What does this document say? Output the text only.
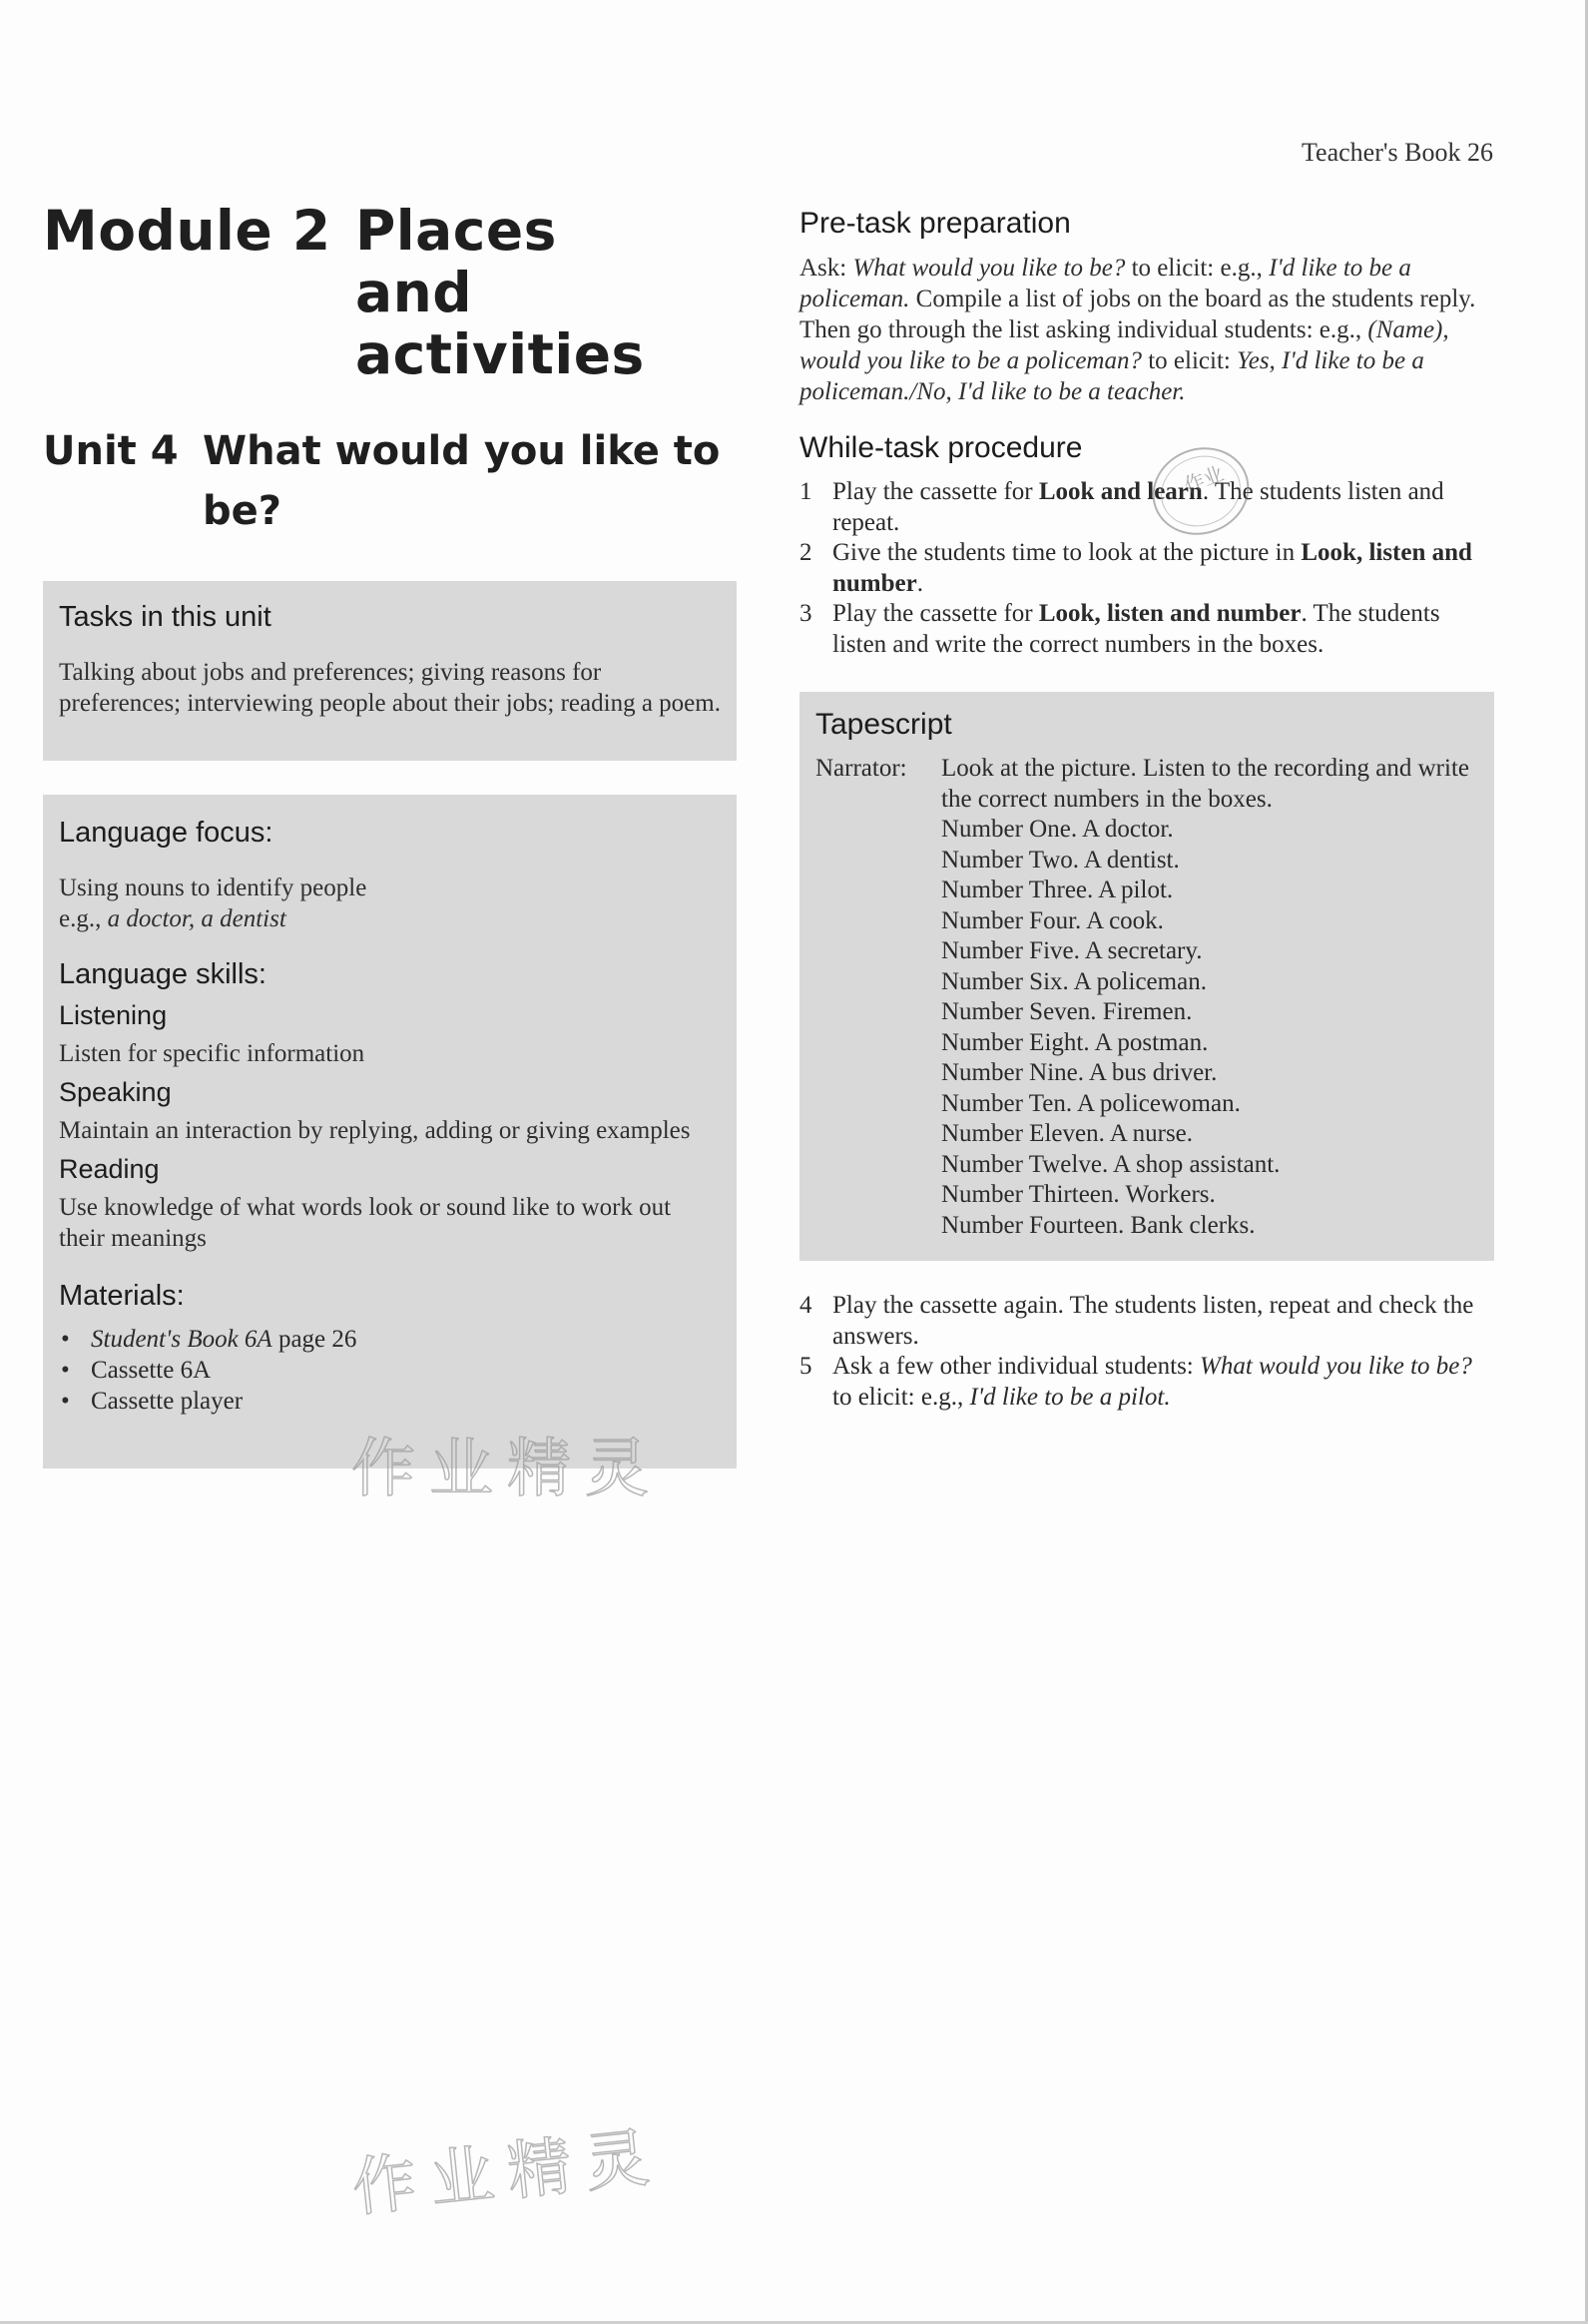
Teacher's Book 26
Module 2 Places and activities
Unit 4 What would you like to be?
Tasks in this unit
Talking about jobs and preferences; giving reasons for preferences; interviewing people about their jobs; reading a poem.
Language focus:
Using nouns to identify people
e.g., a doctor, a dentist
Language skills:
Listening
Listen for specific information
Speaking
Maintain an interaction by replying, adding or giving examples
Reading
Use knowledge of what words look or sound like to work out their meanings
Materials:
• Student's Book 6A page 26
• Cassette 6A
• Cassette player
Pre-task preparation
Ask: What would you like to be? to elicit: e.g., I'd like to be a policeman. Compile a list of jobs on the board as the students reply. Then go through the list asking individual students: e.g., (Name), would you like to be a policeman? to elicit: Yes, I'd like to be a policeman./No, I'd like to be a teacher.
While-task procedure
1 Play the cassette for Look and learn. The students listen and repeat.
2 Give the students time to look at the picture in Look, listen and number.
3 Play the cassette for Look, listen and number. The students listen and write the correct numbers in the boxes.
Tapescript
Narrator:	Look at the picture. Listen to the recording and write the correct numbers in the boxes.
Number One. A doctor.
Number Two. A dentist.
Number Three. A pilot.
Number Four. A cook.
Number Five. A secretary.
Number Six. A policeman.
Number Seven. Firemen.
Number Eight. A postman.
Number Nine. A bus driver.
Number Ten. A policewoman.
Number Eleven. A nurse.
Number Twelve. A shop assistant.
Number Thirteen. Workers.
Number Fourteen. Bank clerks.
4 Play the cassette again. The students listen, repeat and check the answers.
5 Ask a few other individual students: What would you like to be? to elicit: e.g., I'd like to be a pilot.
作业
作业精灵
作业精灵
